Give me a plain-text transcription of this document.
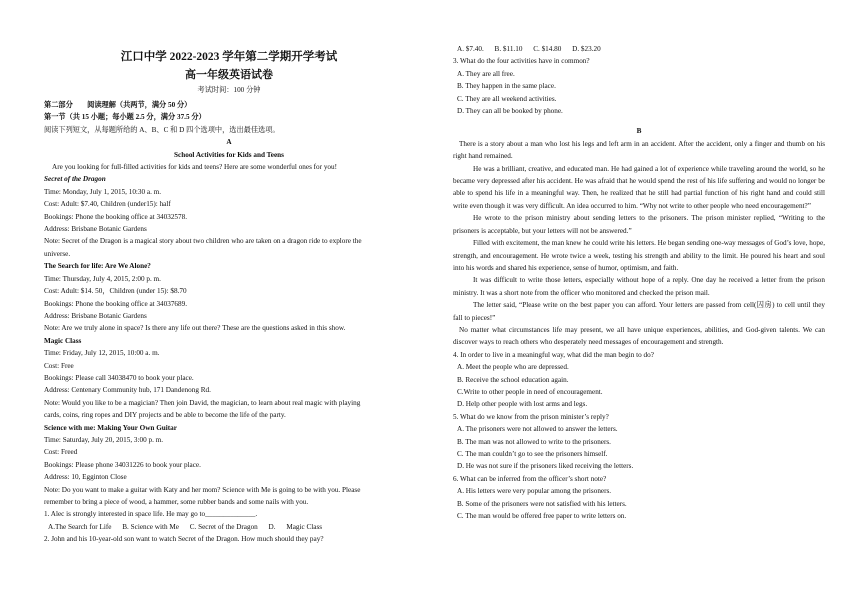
江口中学 2022-2023 学年第二学期开学考试
高一年级英语试卷
考试时间：100 分钟

第二部分　　阅读理解（共两节，满分 50 分）

第一节（共 15 小题；每小题 2.5 分，满分 37.5 分）

阅读下列短文，从每题所给的 A、B、C 和 D 四个选项中，选出最佳选项。

A

School Activities for Kids and Teens

Are you looking for full-filled activities for kids and teens? Here are some wonderful ones for you!

Secret of the Dragon

Time: Monday, July 1, 2015, 10:30 a. m.

Cost: Adult: $7.40, Children (under15): half

Bookings: Phone the booking office at 34032578.

Address: Brisbane Botanic Gardens

Note: Secret of the Dragon is a magical story about two children who are taken on a dragon ride to explore the

universe.

The Search for life: Are We Alone?

Time: Thursday, July 4, 2015, 2:00 p. m.

Cost: Adult: $14. 50，Children (under 15): $8.70

Bookings: Phone the booking office at 34037689.

Address: Brisbane Botanic Gardens

Note: Are we truly alone in space? Is there any life out there? These are the questions asked in this show.

Magic Class

Time: Friday, July 12, 2015, 10:00 a. m.

Cost: Free

Bookings: Please call 34038470 to book your place.

Address: Centenary Community hub, 171 Dandenong Rd.

Note: Would you like to be a magician? Then join David, the magician, to learn about real magic with playing

cards, coins, ring ropes and DIY projects and be able to become the life of the party.

Science with me: Making Your Own Guitar

Time: Saturday, July 20, 2015, 3:00 p. m.

Cost: Freed

Bookings: Please phone 34031226 to book your place.

Address: 10, Egginton Close

Note: Do you want to make a guitar with Katy and her mom? Science with Me is going to be with you. Please

remember to bring a piece of wood, a hammer, some rubber bands and some nails with you.

1. Alec is strongly interested in space life. He may go to______________.

A.The Search for Life      B. Science with Me      C. Secret of the Dragon      D.      Magic Class

2. John and his 10-year-old son want to watch Secret of the Dragon. How much should they pay?

A. $7.40.      B. $11.10      C. $14.80      D. $23.20

3. What do the four activities have in common?

A. They are all free.

B. They happen in the same place.

C. They are all weekend activities.

D. They can all be booked by phone.

B

There is a story about a man who lost his legs and left arm in an accident. After the accident, only a finger and thumb on his right hand remained.

He was a brilliant, creative, and educated man. He had gained a lot of experience while traveling around the world, so he became very depressed after his accident. He was afraid that he would spend the rest of his life suffering and would no longer be able to spend his life in a meaningful way. Then, he realized that he still had partial function of his right hand and could still write even though it was very difficult. An idea occurred to him. “Why not write to other people who need encouragement?”

He wrote to the prison ministry about sending letters to the prisoners. The prison minister replied, “Writing to the prisoners is acceptable, but your letters will not be answered.”

Filled with excitement, the man knew he could write his letters. He began sending one-way messages of God’s love, hope, strength, and encouragement. He wrote twice a week, testing his strength and ability to the limit. He poured his heart and soul into his words and shared his experience, sense of humor, optimism, and faith.

It was difficult to write those letters, especially without hope of a reply. One day he received a letter from the prison ministry. It was a short note from the officer who monitored and checked the prison mail.

The letter said, “Please write on the best paper you can afford. Your letters are passed from cell(囚房) to cell until they fall to pieces!”

No matter what circumstances life may present, we all have unique experiences, abilities, and God-given talents. We can discover ways to reach others who desperately need messages of encouragement and strength.

4. In order to live in a meaningful way, what did the man begin to do?

A. Meet the people who are depressed.

B. Receive the school education again.

C.Write to other people in need of encouragement.

D. Help other people with lost arms and legs.

5. What do we know from the prison minister’s reply?

A. The prisoners were not allowed to answer the letters.

B. The man was not allowed to write to the prisoners.

C. The man couldn’t go to see the prisoners himself.

D. He was not sure if the prisoners liked receiving the letters.

6. What can be inferred from the officer’s short note?

A. His letters were very popular among the prisoners.

B. Some of the prisoners were not satisfied with his letters.

C. The man would be offered free paper to write letters on.
